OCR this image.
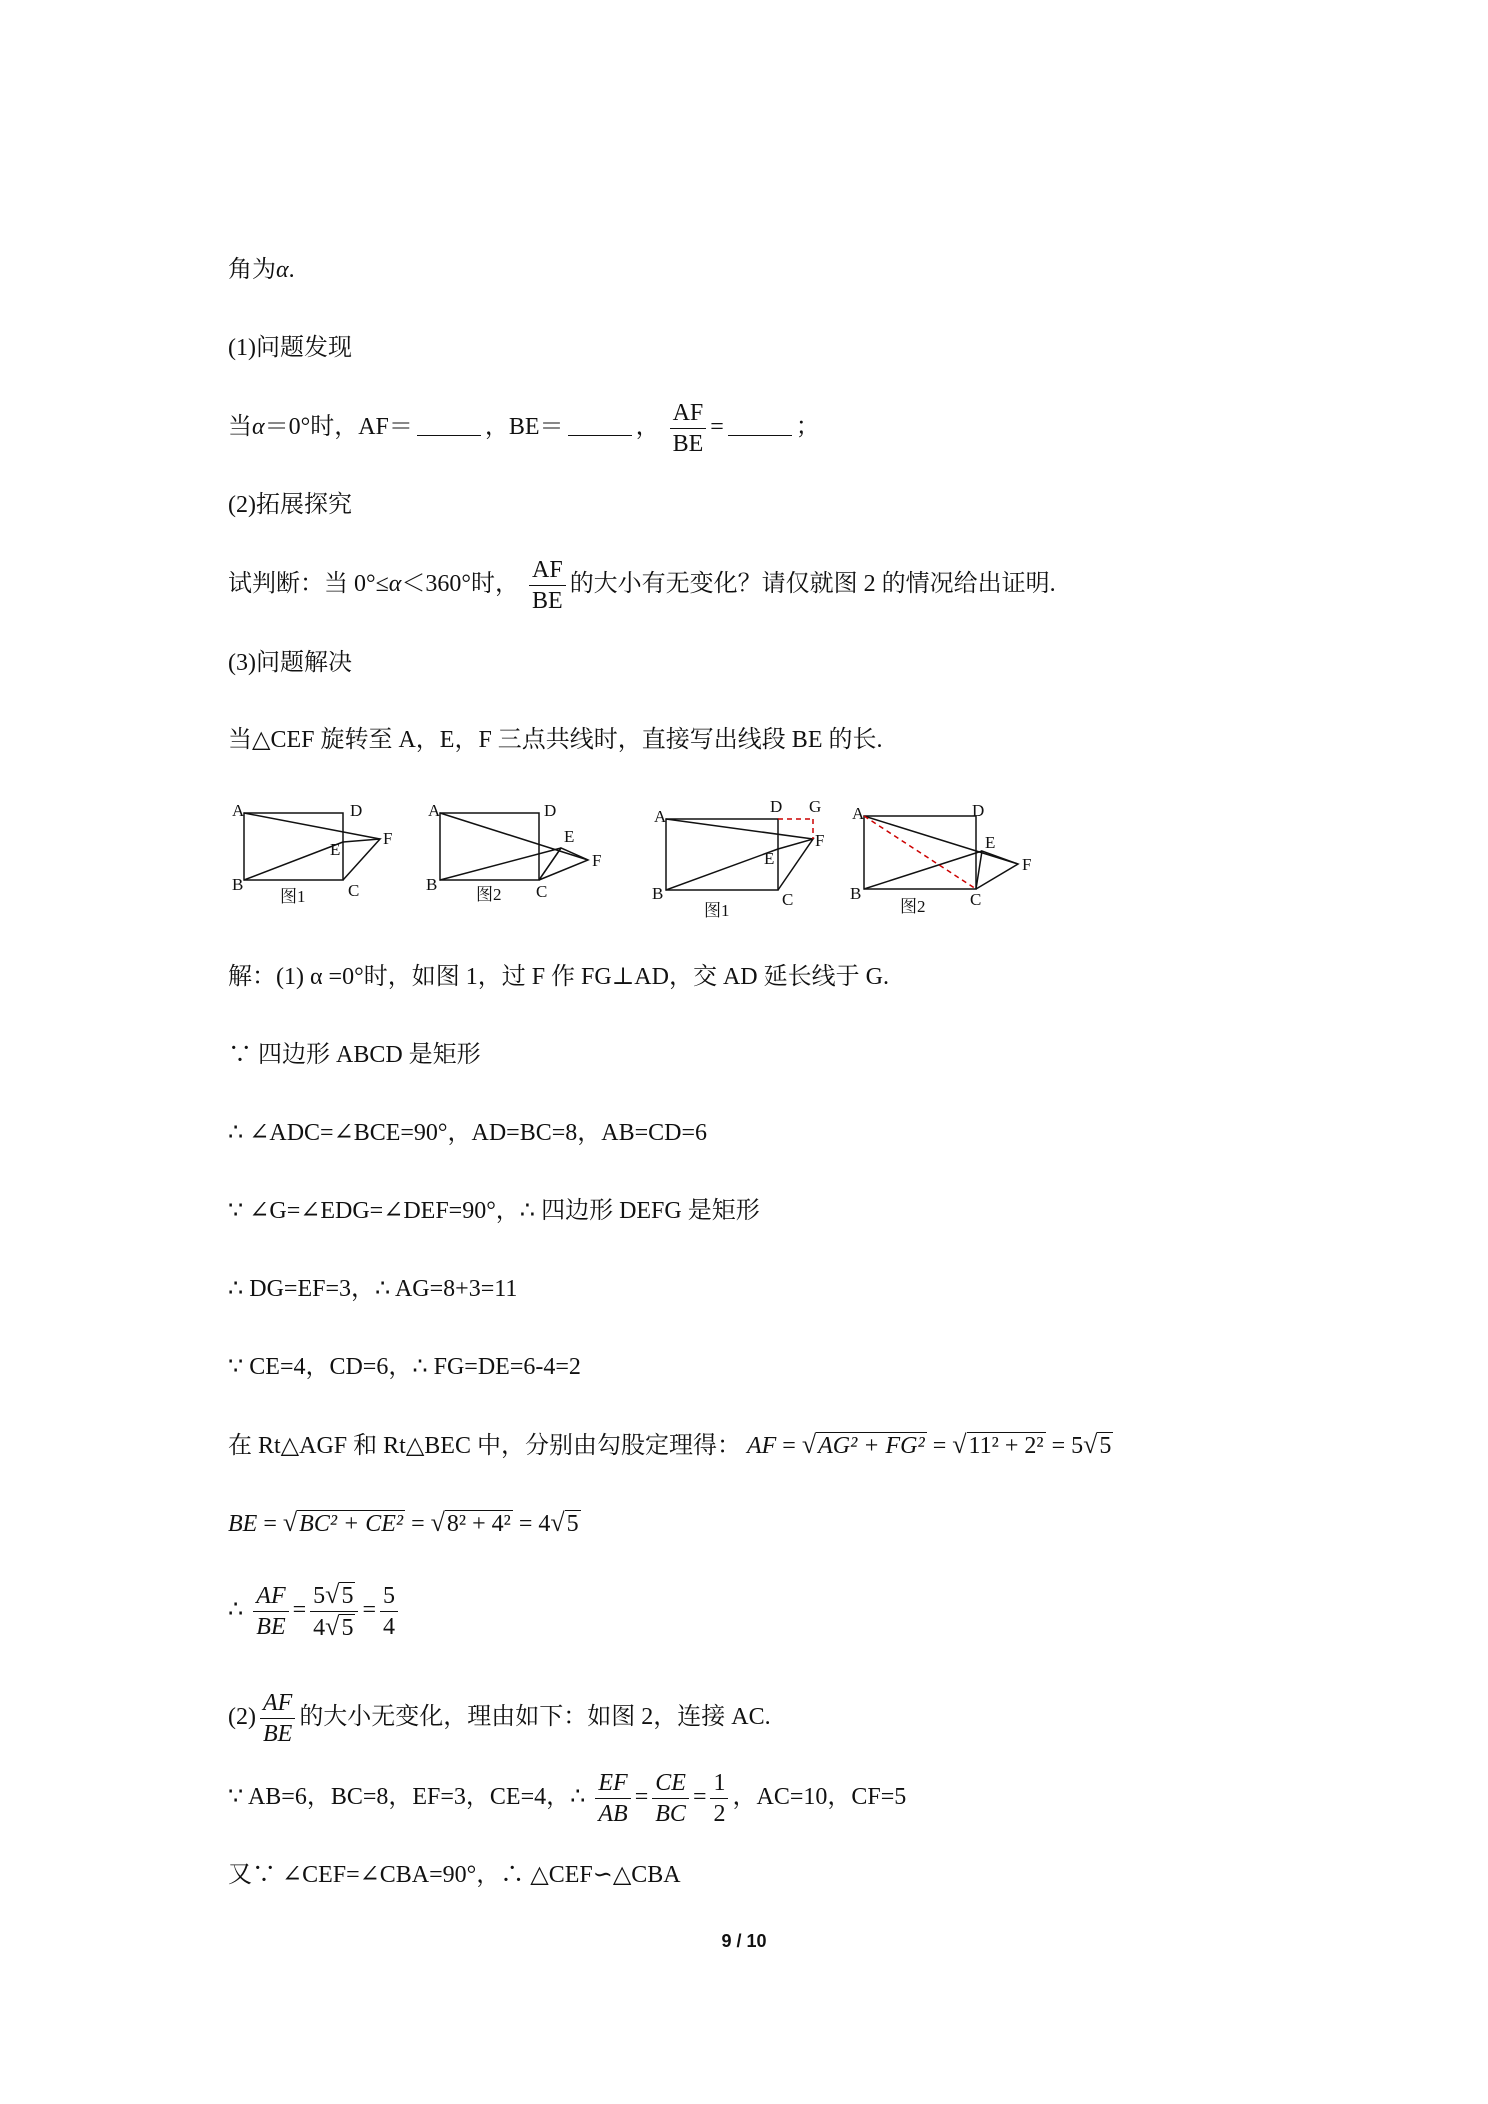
角为α.
(1)问题发现
当α＝0°时，AF＝	，BE＝	， $\frac{AF}{BE}$ =	；
(2)拓展探究
试判断：当 0°≤α＜360°时， $\frac{AF}{BE}$ 的大小有无变化？请仅就图 2 的情况给出证明.
(3)问题解决
当△CEF 旋转至 A，E，F 三点共线时，直接写出线段 BE 的长.
A	D
E
F
B	C
图1
A	D
E
F
B	C
图2
A
D G
E
F
B	C
图1
A	D
E
F
B	C
图2
解：(1) α =0°时，如图 1，过 F 作 FG⊥AD，交 AD 延长线于 G.
∵ 四边形 ABCD 是矩形
∴ ∠ADC=∠BCE=90°，AD=BC=8，AB=CD=6
∵ ∠G=∠EDG=∠DEF=90°，∴ 四边形 DEFG 是矩形
∴ DG=EF=3，∴ AG=8+3=11
∵ CE=4，CD=6，∴ FG=DE=6-4=2
在 Rt△AGF 和 Rt△BEC 中，分别由勾股定理得： AF = √AG² + FG² = √11² + 2² = 5√5
BE = √BC² + CE² = √8² + 4² = 4√5
∴ $\frac{AF}{BE} = \frac{5√5}{4√5} = \frac{5}{4}$
$(2) \frac{AF}{BE}$ 的大小无变化，理由如下：如图 2，连接 AC.
∵ AB=6，BC=8，EF=3，CE=4，∴ $\frac{EF}{AB} = \frac{CE}{BC} = \frac{1}{2}$ ，AC=10，CF=5
又∵ ∠CEF=∠CBA=90°，∴ △CEF∽△CBA
9 / 10
